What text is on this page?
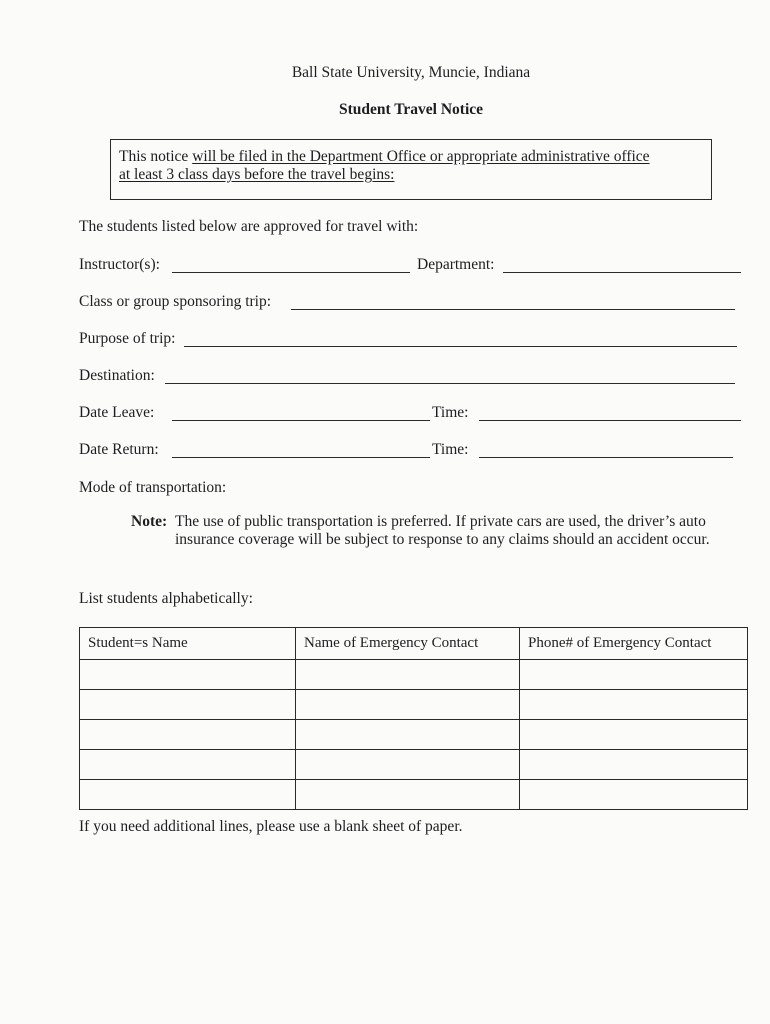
Ball State University, Muncie, Indiana
Student Travel Notice
This notice will be filed in the Department Office or appropriate administrative office
at least 3 class days before the travel begins:
The students listed below are approved for travel with:
Instructor(s):	Department:
Class or group sponsoring trip:
Purpose of trip:
Destination:
Date Leave:	Time:
Date Return:	Time:
Mode of transportation:
Note: The use of public transportation is preferred. If private cars are used, the driver’s auto insurance coverage will be subject to response to any claims should an accident occur.
List students alphabetically:
Student=s Name	Name of Emergency Contact	Phone# of Emergency Contact

If you need additional lines, please use a blank sheet of paper.
